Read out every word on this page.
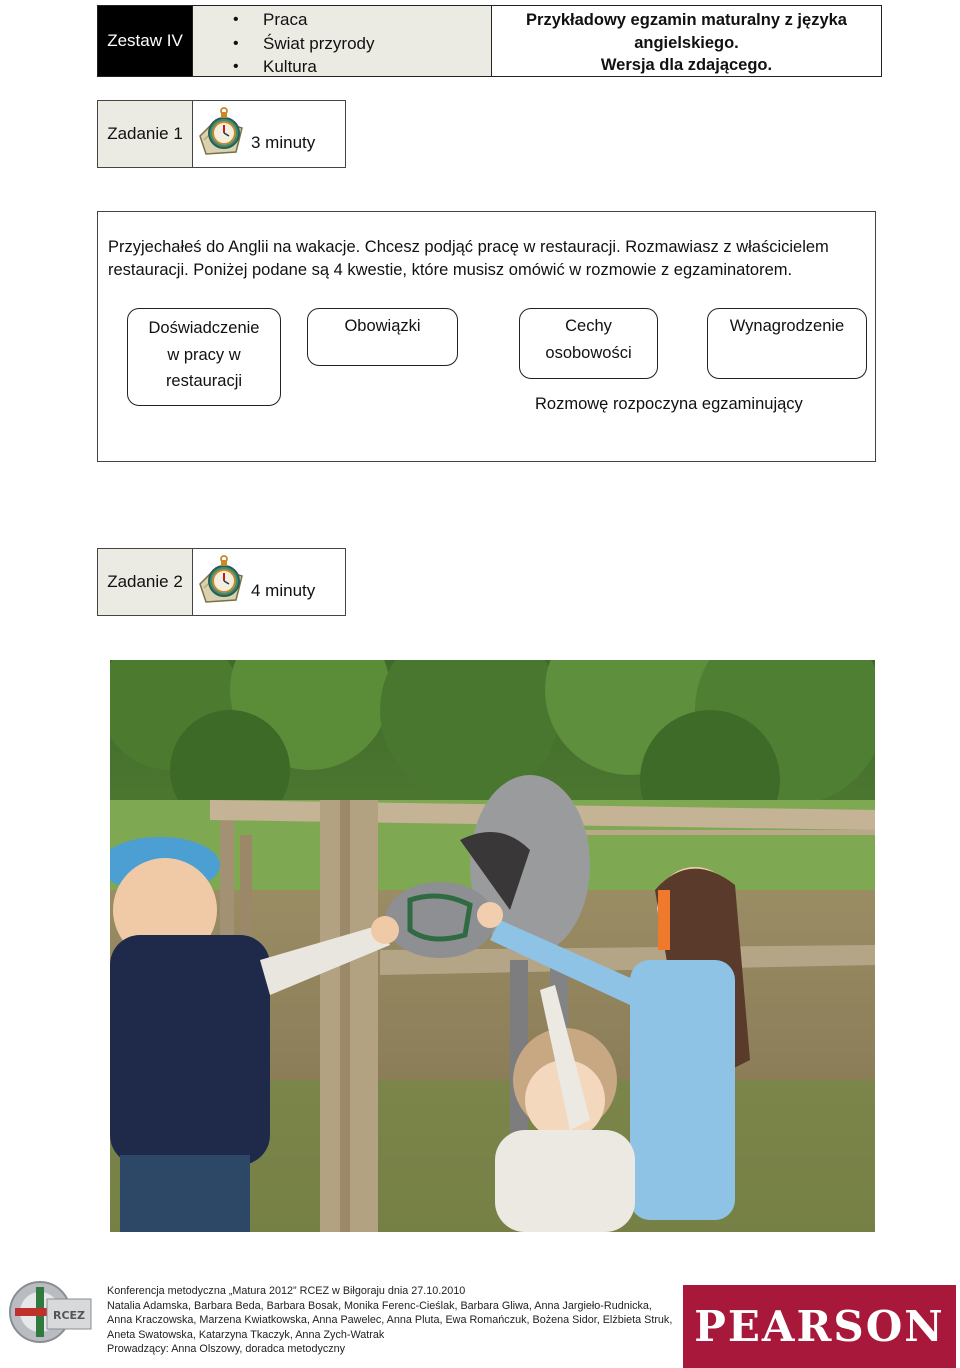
Zestaw IV
• Praca
• Świat przyrody
• Kultura
Przykładowy egzamin maturalny z języka
angielskiego.
Wersja dla zdającego.
Zadanie 1	3 minuty
Przyjechałeś do Anglii na wakacje. Chcesz podjąć pracę w restauracji. Rozmawiasz z właścicielem
restauracji. Poniżej podane są 4 kwestie, które musisz omówić w rozmowie z egzaminatorem.
Doświadczenie
w pracy w
restauracji
Obowiązki	Cechy
osobowości
Wynagrodzenie
Rozmowę rozpoczyna egzaminujący
Zadanie 2	4 minuty
RCEZ
Konferencja metodyczna „Matura 2012” RCEZ w Biłgoraju dnia 27.10.2010
Natalia Adamska, Barbara Beda, Barbara Bosak, Monika Ferenc-Cieślak, Barbara Gliwa, Anna Jargieło-Rudnicka,
Anna Kraczowska, Marzena Kwiatkowska, Anna Pawelec, Anna Pluta, Ewa Romańczuk, Bożena Sidor, Elżbieta Struk,
Aneta Swatowska, Katarzyna Tkaczyk, Anna Zych-Watrak
Prowadzący: Anna Olszowy, doradca metodyczny	PEARSON
